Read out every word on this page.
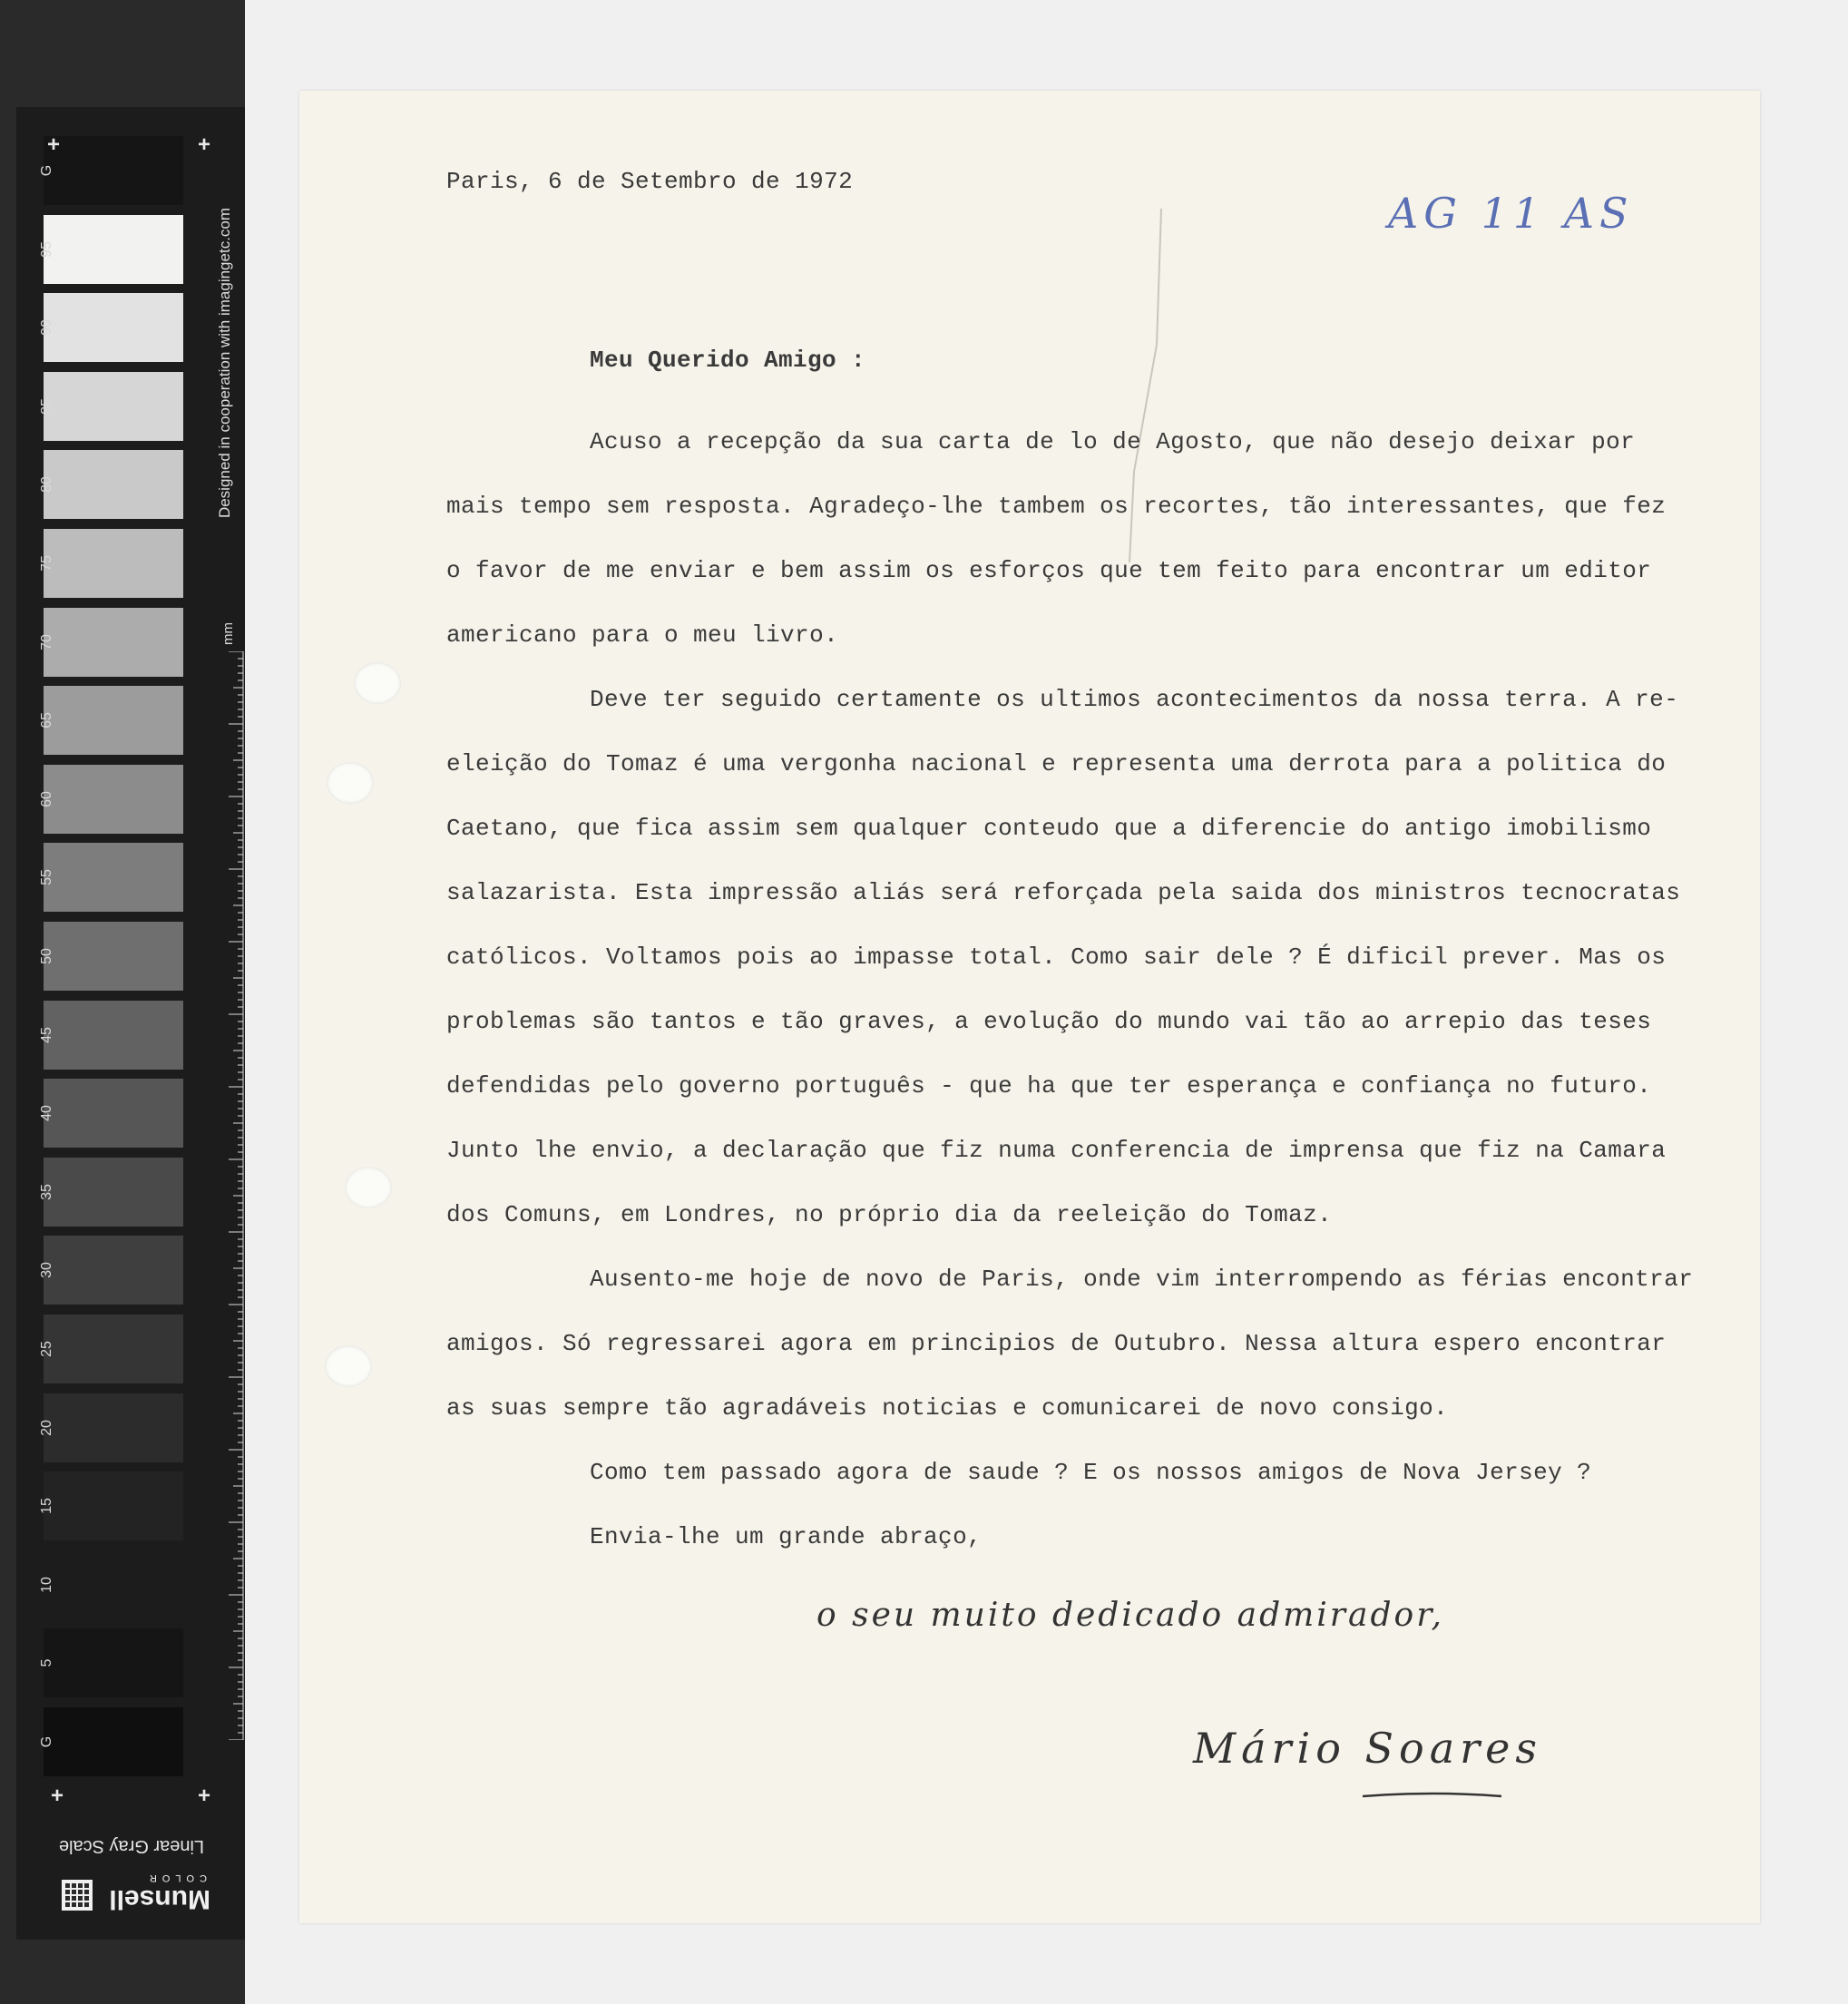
G
95
90
85
80
75
70
65
60
55
50
45
40
35
30
25
20
15
10
5
G
+	+
+	+
Designed in cooperation with imagingetc.com
mm
Linear Gray Scale
Munsell
COLOR
Paris, 6 de Setembro de 1972
AG 11 AS
Meu Querido Amigo :
Acuso a recepção da sua carta de lo de Agosto, que não desejo deixar por
mais tempo sem resposta. Agradeço-lhe tambem os recortes, tão interessantes, que fez
o favor de me enviar e bem assim os esforços que tem feito para encontrar um editor
americano para o meu livro.
Deve ter seguido certamente os ultimos acontecimentos da nossa terra. A re-
eleição do Tomaz é uma vergonha nacional e representa uma derrota para a politica do
Caetano, que fica assim sem qualquer conteudo que a diferencie do antigo imobilismo
salazarista. Esta impressão aliás será reforçada pela saida dos ministros tecnocratas
católicos. Voltamos pois ao impasse total. Como sair dele ? É dificil prever. Mas os
problemas são tantos e tão graves, a evolução do mundo vai tão ao arrepio das teses
defendidas pelo governo português - que ha que ter esperança e confiança no futuro.
Junto lhe envio, a declaração que fiz numa conferencia de imprensa que fiz na Camara
dos Comuns, em Londres, no próprio dia da reeleição do Tomaz.
Ausento-me hoje de novo de Paris, onde vim interrompendo as férias encontrar
amigos. Só regressarei agora em principios de Outubro. Nessa altura espero encontrar
as suas sempre tão agradáveis noticias e comunicarei de novo consigo.
Como tem passado agora de saude ? E os nossos amigos de Nova Jersey ?
Envia-lhe um grande abraço,
o seu muito dedicado admirador,
Mário Soares
